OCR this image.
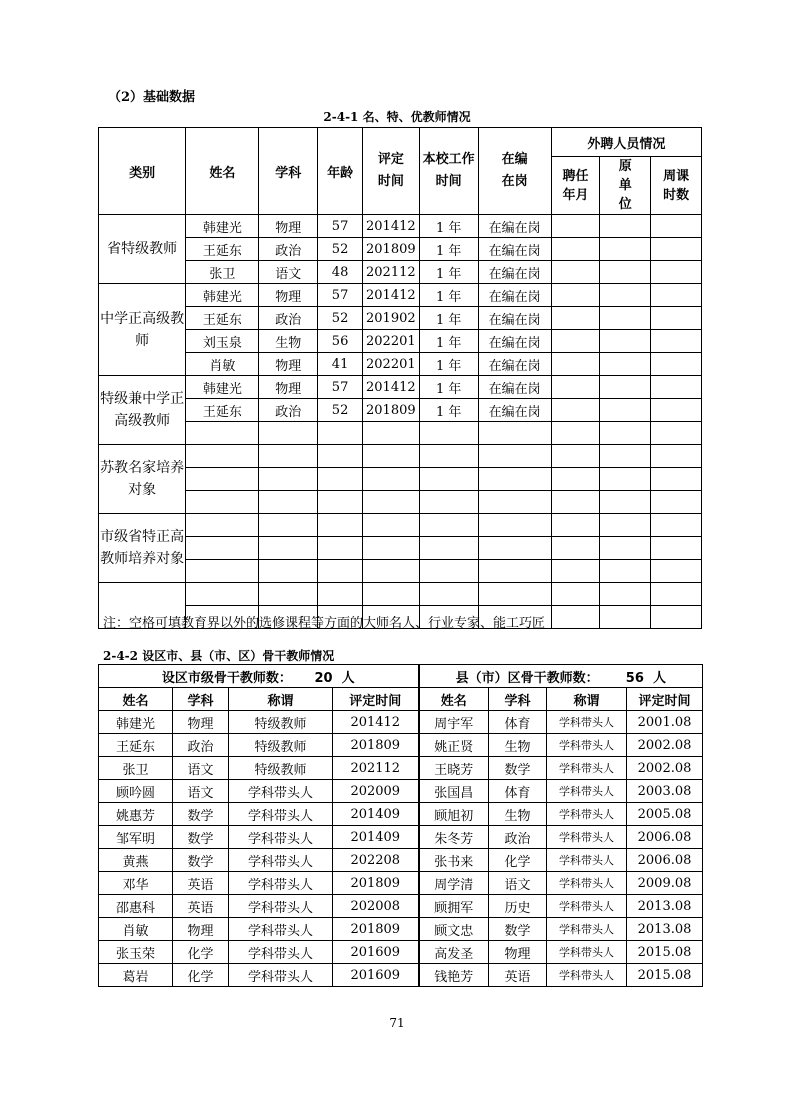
（2）基础数据
2-4-1 名、特、优教师情况
类别	姓名	学科	年龄	评定时间	本校工作时间	在编在岗	外聘人员情况		
							聘任年月	原单位	周课时数
省特级教师	韩建光	物理	57	201412	1 年	在编在岗			
	王延东	政治	52	201809	1 年	在编在岗			
	张卫	语文	48	202112	1 年	在编在岗			
中学正高级教师	韩建光	物理	57	201412	1 年	在编在岗			
	王延东	政治	52	201902	1 年	在编在岗			
	刘玉泉	生物	56	202201	1 年	在编在岗			
	肖敏	物理	41	202201	1 年	在编在岗			
特级兼中学正高级教师	韩建光	物理	57	201412	1 年	在编在岗			
	王延东	政治	52	201809	1 年	在编在岗			

苏教名家培养对象									

市级省特正高教师培养对象									

注：空格可填教育界以外的选修课程等方面的大师名人、行业专家、能工巧匠
2-4-2 设区市、县（市、区）骨干教师情况
设区市级骨干教师数： 20 人				县（市）区骨干教师数： 56 人			
姓名	学科	称谓	评定时间	姓名	学科	称谓	评定时间
韩建光	物理	特级教师	201412	周宇军	体育	学科带头人	2001.08
王延东	政治	特级教师	201809	姚正贤	生物	学科带头人	2002.08
张卫	语文	特级教师	202112	王晓芳	数学	学科带头人	2002.08
顾吟圆	语文	学科带头人	202009	张国昌	体育	学科带头人	2003.08
姚惠芳	数学	学科带头人	201409	顾旭初	生物	学科带头人	2005.08
邹军明	数学	学科带头人	201409	朱冬芳	政治	学科带头人	2006.08
黄燕	数学	学科带头人	202208	张书来	化学	学科带头人	2006.08
邓华	英语	学科带头人	201809	周学清	语文	学科带头人	2009.08
邵惠科	英语	学科带头人	202008	顾拥军	历史	学科带头人	2013.08
肖敏	物理	学科带头人	201809	顾文忠	数学	学科带头人	2013.08
张玉荣	化学	学科带头人	201609	高发圣	物理	学科带头人	2015.08
葛岩	化学	学科带头人	201609	钱艳芳	英语	学科带头人	2015.08
71
